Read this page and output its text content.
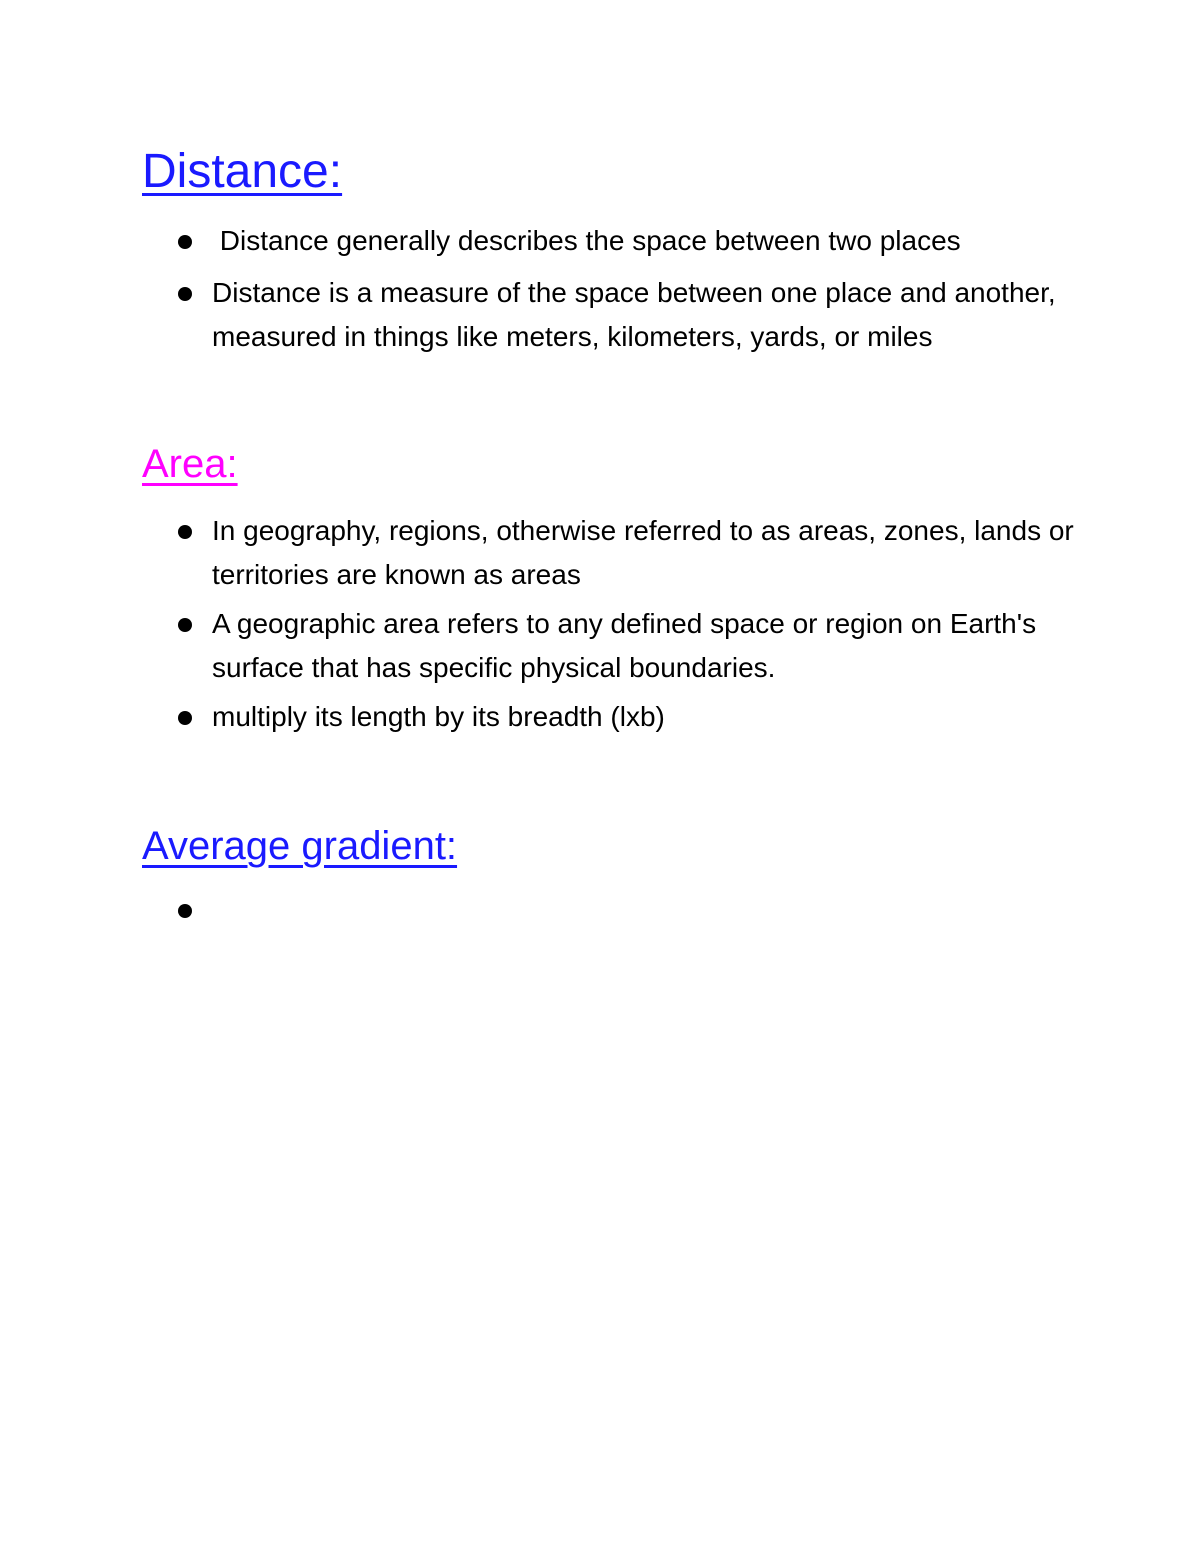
Distance:
Distance generally describes the space between two places
Distance is a measure of the space between one place and another, measured in things like meters, kilometers, yards, or miles
Area:
In geography, regions, otherwise referred to as areas, zones, lands or territories are known as areas
A geographic area refers to any defined space or region on Earth's surface that has specific physical boundaries.
multiply its length by its breadth (lxb)
Average gradient:
